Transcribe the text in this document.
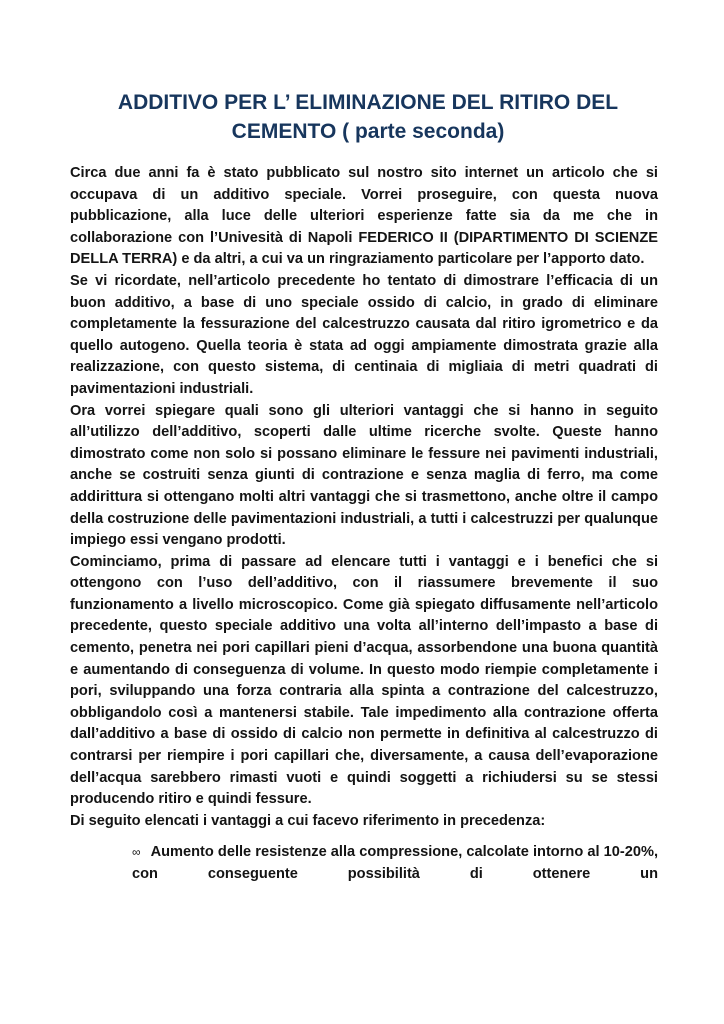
ADDITIVO PER L’ ELIMINAZIONE DEL RITIRO DEL CEMENTO ( parte seconda)

Circa due anni fa è stato pubblicato sul nostro sito internet un articolo che si occupava di un additivo speciale. Vorrei proseguire, con questa nuova pubblicazione, alla luce delle ulteriori esperienze fatte sia da me che in collaborazione con l’Univesità di Napoli FEDERICO II (DIPARTIMENTO DI SCIENZE DELLA TERRA) e da altri, a cui va un ringraziamento particolare per l’apporto dato.

Se vi ricordate, nell’articolo precedente ho tentato di dimostrare l’efficacia di un buon additivo, a base di uno speciale ossido di calcio, in grado di eliminare completamente la fessurazione del calcestruzzo causata dal ritiro igrometrico e da quello autogeno. Quella teoria è stata ad oggi ampiamente dimostrata grazie alla realizzazione, con questo sistema, di centinaia di migliaia di metri quadrati di pavimentazioni industriali.

Ora vorrei spiegare quali sono gli ulteriori vantaggi che si hanno in seguito all’utilizzo dell’additivo, scoperti dalle ultime ricerche svolte. Queste hanno dimostrato come non solo si possano eliminare le fessure nei pavimenti industriali, anche se costruiti senza giunti di contrazione e senza maglia di ferro, ma come addirittura si ottengano molti altri vantaggi che si trasmettono, anche oltre il campo della costruzione delle pavimentazioni industriali, a tutti i calcestruzzi per qualunque impiego essi vengano prodotti.

Cominciamo, prima di passare ad elencare tutti i vantaggi e i benefici che si ottengono con l’uso dell’additivo, con il riassumere brevemente il suo funzionamento a livello microscopico. Come già spiegato diffusamente nell’articolo precedente, questo speciale additivo una volta all’interno dell’impasto a base di cemento, penetra nei pori capillari pieni d’acqua, assorbendone una buona quantità e aumentando di conseguenza di volume. In questo modo riempie completamente i pori, sviluppando una forza contraria alla spinta a contrazione del calcestruzzo, obbligandolo così a mantenersi stabile. Tale impedimento alla contrazione offerta dall’additivo a base di ossido di calcio non permette in definitiva al calcestruzzo di contrarsi per riempire i pori capillari che, diversamente, a causa dell’evaporazione dell’acqua sarebbero rimasti vuoti e quindi soggetti a richiudersi su se stessi producendo ritiro e quindi fessure.

Di seguito elencati i vantaggi a cui facevo riferimento in precedenza:

∞ Aumento delle resistenze alla compressione, calcolate intorno al 10-20%, con conseguente possibilità di ottenere un
